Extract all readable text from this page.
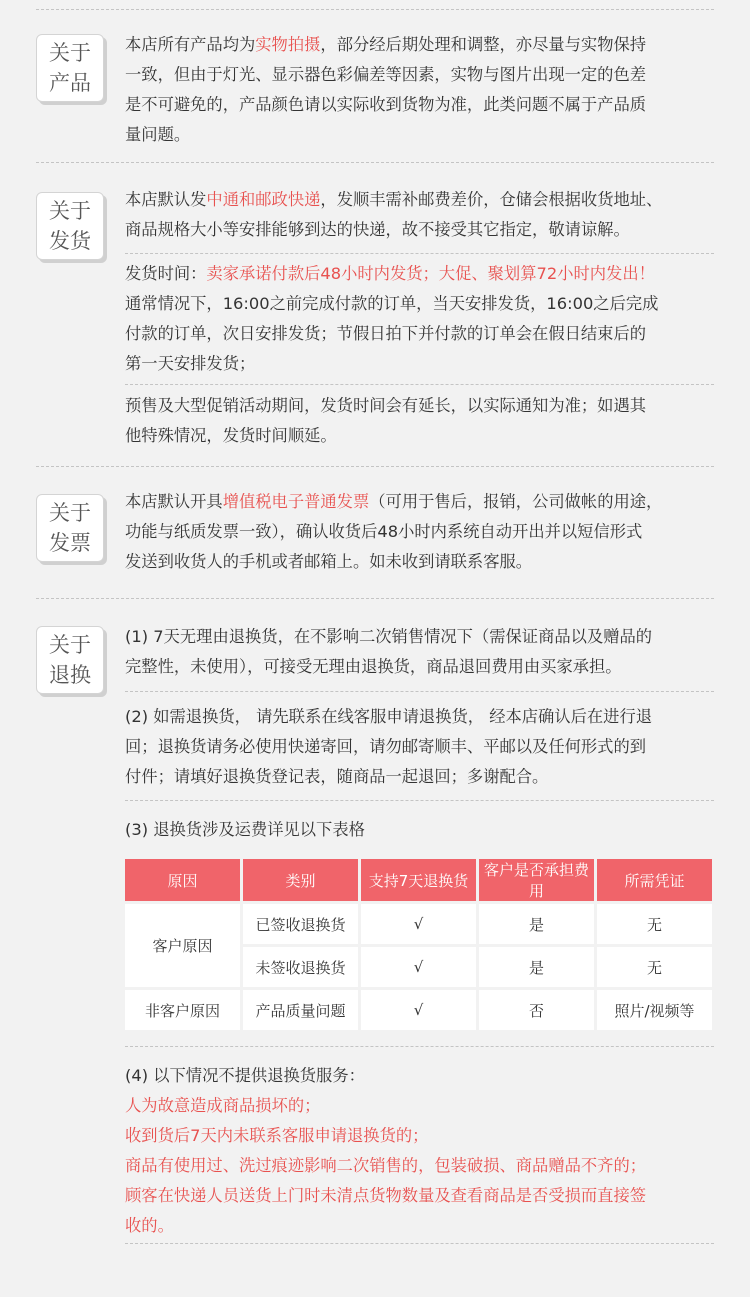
关于
产品
本店所有产品均为实物拍摄，部分经后期处理和调整，亦尽量与实物保持
一致，但由于灯光、显示器色彩偏差等因素，实物与图片出现一定的色差
是不可避免的，产品颜色请以实际收到货物为准，此类问题不属于产品质
量问题。
关于
发货
本店默认发中通和邮政快递，发顺丰需补邮费差价，仓储会根据收货地址、
商品规格大小等安排能够到达的快递，故不接受其它指定，敬请谅解。
发货时间：卖家承诺付款后48小时内发货；大促、聚划算72小时内发出！
通常情况下，16:00之前完成付款的订单，当天安排发货，16:00之后完成
付款的订单，次日安排发货；节假日拍下并付款的订单会在假日结束后的
第一天安排发货；
预售及大型促销活动期间，发货时间会有延长，以实际通知为准；如遇其
他特殊情况，发货时间顺延。
关于
发票
本店默认开具增值税电子普通发票（可用于售后，报销，公司做帐的用途，
功能与纸质发票一致），确认收货后48小时内系统自动开出并以短信形式
发送到收货人的手机或者邮箱上。如未收到请联系客服。
关于
退换
(1) 7天无理由退换货，在不影响二次销售情况下（需保证商品以及赠品的
完整性，未使用），可接受无理由退换货，商品退回费用由买家承担。
(2) 如需退换货， 请先联系在线客服申请退换货， 经本店确认后在进行退
回；退换货请务必使用快递寄回，请勿邮寄顺丰、平邮以及任何形式的到
付件；请填好退换货登记表，随商品一起退回；多谢配合。
(3) 退换货涉及运费详见以下表格
原因	类别	支持7天退换货	客户是否承担费用	所需凭证
客户原因	已签收退换货	√	是	无
	未签收退换货	√	是	无
非客户原因	产品质量问题	√	否	照片/视频等
(4) 以下情况不提供退换货服务：
人为故意造成商品损坏的；
收到货后7天内未联系客服申请退换货的；
商品有使用过、洗过痕迹影响二次销售的，包装破损、商品赠品不齐的；
顾客在快递人员送货上门时未清点货物数量及查看商品是否受损而直接签
收的。
